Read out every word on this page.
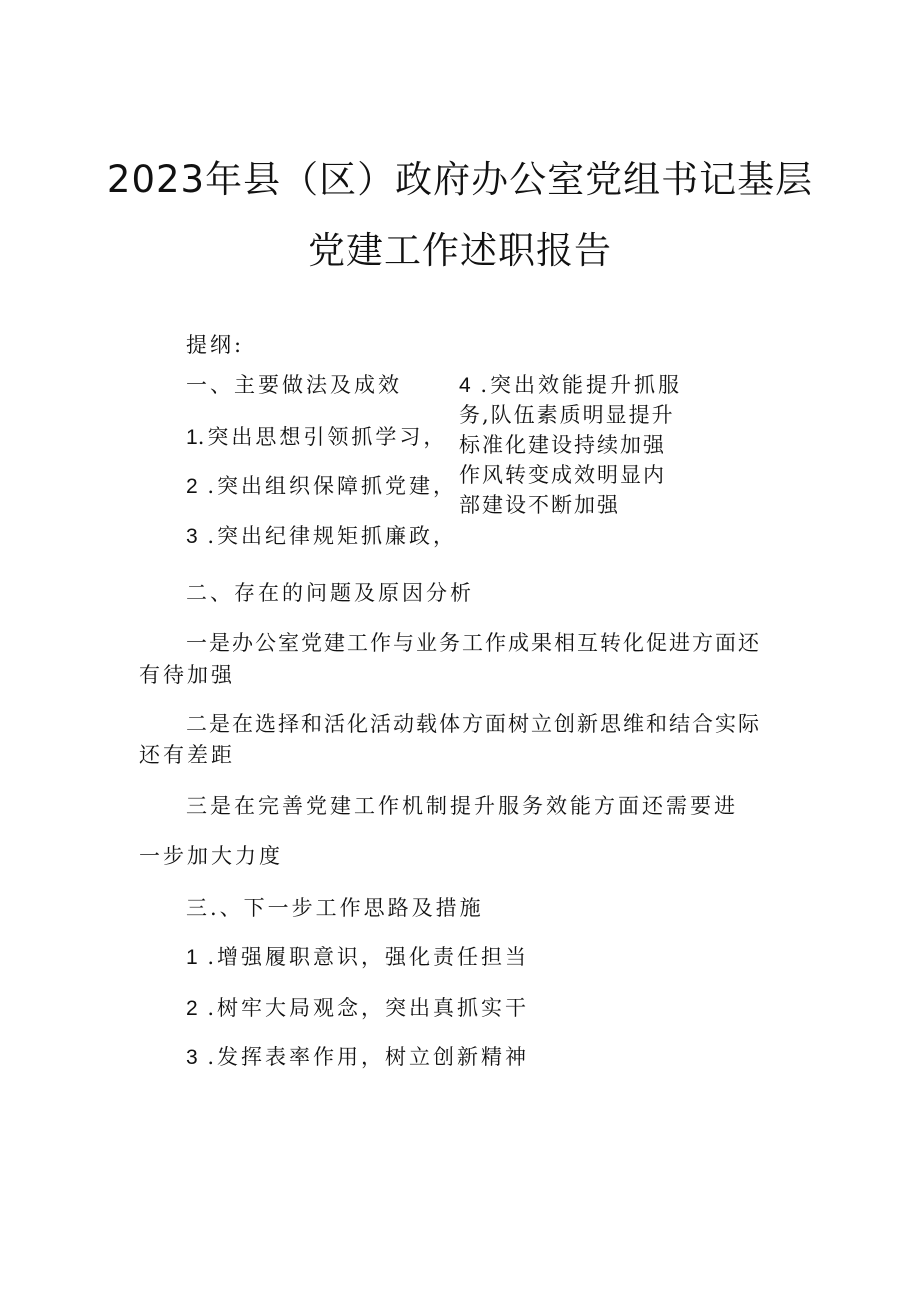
2023年县（区）政府办公室党组书记基层
党建工作述职报告
提纲:
一、主要做法及成效
1.突出思想引领抓学习，
2 .突出组织保障抓党建，
3 .突出纪律规矩抓廉政，
4 .突出效能提升抓服
务,队伍素质明显提升
标准化建设持续加强
作风转变成效明显内
部建设不断加强
二、存在的问题及原因分析
一是办公室党建工作与业务工作成果相互转化促进方面还
有待加强
二是在选择和活化活动载体方面树立创新思维和结合实际
还有差距
三是在完善党建工作机制提升服务效能方面还需要进
一步加大力度
三.、下一步工作思路及措施
1 .增强履职意识，强化责任担当
2 .树牢大局观念，突出真抓实干
3 .发挥表率作用，树立创新精神
